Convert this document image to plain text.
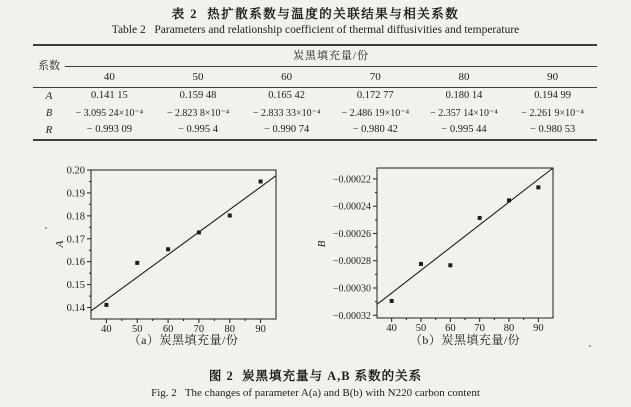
表 2  热扩散系数与温度的关联结果与相关系数
Table 2   Parameters and relationship coefficient of thermal diffusivities and temperature
系数	炭黑填充量/份					
	40	50	60	70	80	90
A	0.141 15	0.159 48	0.165 42	0.172 77	0.180 14	0.194 99
B	− 3.095 24×10⁻⁴	− 2.823 8×10⁻⁴	− 2.833 33×10⁻⁴	− 2.486 19×10⁻⁴	− 2.357 14×10⁻⁴	− 2.261 9×10⁻⁴
R	− 0.993 09	− 0.995 4	− 0.990 74	− 0.980 42	− 0.995 44	− 0.980 53
40 50 60 70 80 90
0.14
0.15
0.16
0.17
0.18
0.19
0.20
A
40 50 60 70 80 90
−0.00032
−0.00030
−0.00028
−0.00026
−0.00024
−0.00022
B
（a）炭黑填充量/份	（b）炭黑填充量/份
图 2  炭黑填充量与 A,B 系数的关系
Fig. 2   The changes of parameter A(a) and B(b) with N220 carbon content
